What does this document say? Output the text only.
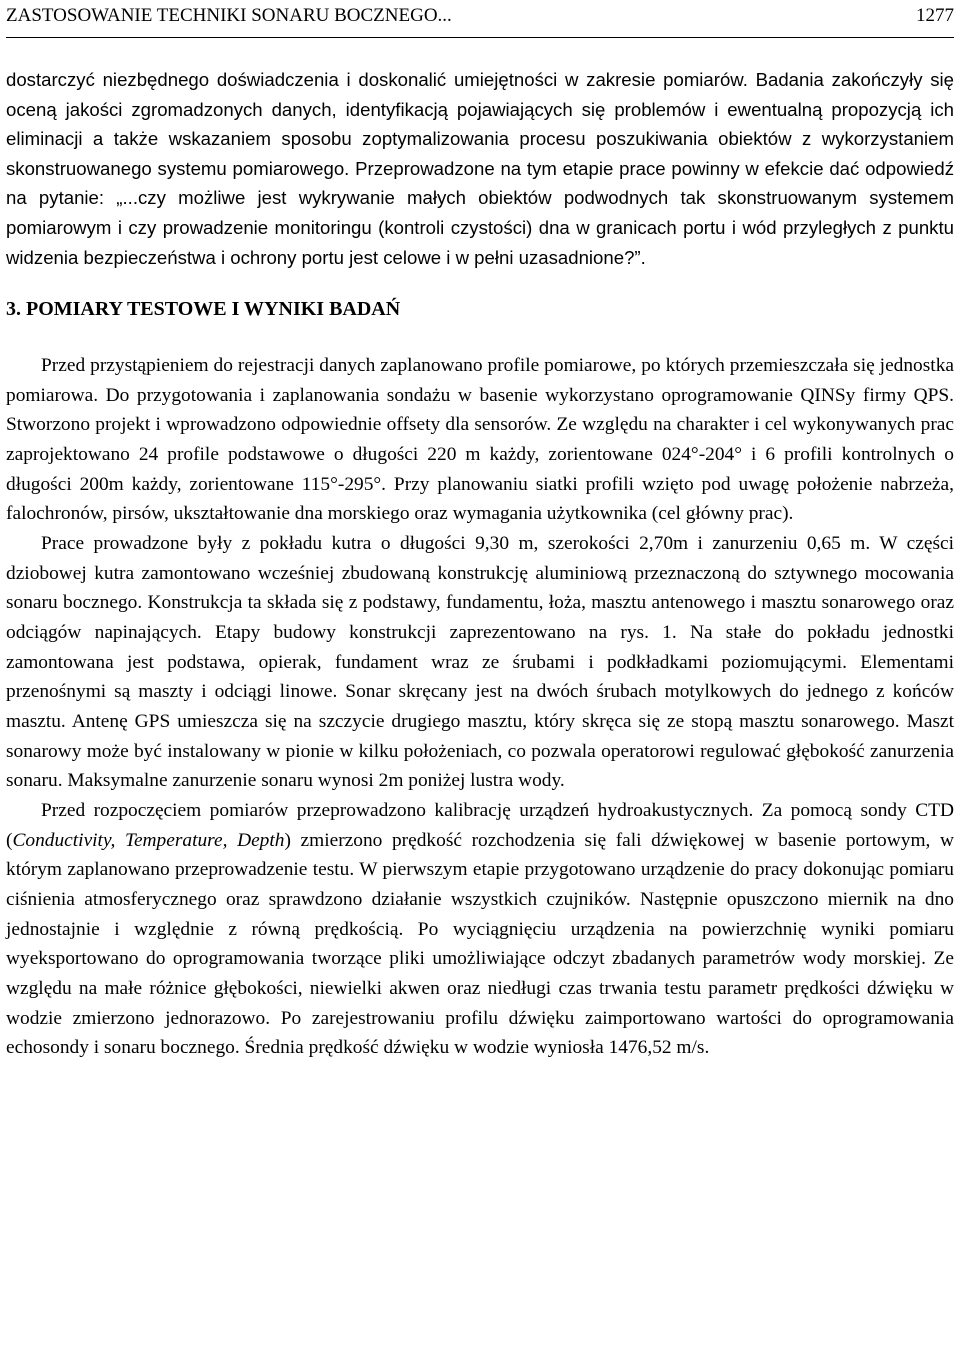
ZASTOSOWANIE TECHNIKI SONARU BOCZNEGO...	1277

dostarczyć niezbędnego doświadczenia i doskonalić umiejętności w zakresie pomiarów. Badania zakończyły się oceną jakości zgromadzonych danych, identyfikacją pojawiających się problemów i ewentualną propozycją ich eliminacji a także wskazaniem sposobu zoptymalizowania procesu poszukiwania obiektów z wykorzystaniem skonstruowanego systemu pomiarowego. Przeprowadzone na tym etapie prace powinny w efekcie dać odpowiedź na pytanie: „...czy możliwe jest wykrywanie małych obiektów podwodnych tak skonstruowanym systemem pomiarowym i czy prowadzenie monitoringu (kontroli czystości) dna w granicach portu i wód przyległych z punktu widzenia bezpieczeństwa i ochrony portu jest celowe i w pełni uzasadnione?”.

3. POMIARY TESTOWE I WYNIKI BADAŃ

Przed przystąpieniem do rejestracji danych zaplanowano profile pomiarowe, po których przemieszczała się jednostka pomiarowa. Do przygotowania i zaplanowania sondażu w basenie wykorzystano oprogramowanie QINSy firmy QPS. Stworzono projekt i wprowadzono odpowiednie offsety dla sensorów. Ze względu na charakter i cel wykonywanych prac zaprojektowano 24 profile podstawowe o długości 220 m każdy, zorientowane 024°-204° i 6 profili kontrolnych o długości 200m każdy, zorientowane 115°-295°. Przy planowaniu siatki profili wzięto pod uwagę położenie nabrzeża, falochronów, pirsów, ukształtowanie dna morskiego oraz wymagania użytkownika (cel główny prac).

Prace prowadzone były z pokładu kutra o długości 9,30 m, szerokości 2,70m i zanurzeniu 0,65 m. W części dziobowej kutra zamontowano wcześniej zbudowaną konstrukcję aluminiową przeznaczoną do sztywnego mocowania sonaru bocznego. Konstrukcja ta składa się z podstawy, fundamentu, łoża, masztu antenowego i masztu sonarowego oraz odciągów napinających. Etapy budowy konstrukcji zaprezentowano na rys. 1. Na stałe do pokładu jednostki zamontowana jest podstawa, opierak, fundament wraz ze śrubami i podkładkami poziomującymi. Elementami przenośnymi są maszty i odciągi linowe. Sonar skręcany jest na dwóch śrubach motylkowych do jednego z końców masztu. Antenę GPS umieszcza się na szczycie drugiego masztu, który skręca się ze stopą masztu sonarowego. Maszt sonarowy może być instalowany w pionie w kilku położeniach, co pozwala operatorowi regulować głębokość zanurzenia sonaru. Maksymalne zanurzenie sonaru wynosi 2m poniżej lustra wody.

Przed rozpoczęciem pomiarów przeprowadzono kalibrację urządzeń hydroakustycznych. Za pomocą sondy CTD (Conductivity, Temperature, Depth) zmierzono prędkość rozchodzenia się fali dźwiękowej w basenie portowym, w którym zaplanowano przeprowadzenie testu. W pierwszym etapie przygotowano urządzenie do pracy dokonując pomiaru ciśnienia atmosferycznego oraz sprawdzono działanie wszystkich czujników. Następnie opuszczono miernik na dno jednostajnie i względnie z równą prędkością. Po wyciągnięciu urządzenia na powierzchnię wyniki pomiaru wyeksportowano do oprogramowania tworzące pliki umożliwiające odczyt zbadanych parametrów wody morskiej. Ze względu na małe różnice głębokości, niewielki akwen oraz niedługi czas trwania testu parametr prędkości dźwięku w wodzie zmierzono jednorazowo. Po zarejestrowaniu profilu dźwięku zaimportowano wartości do oprogramowania echosondy i sonaru bocznego. Średnia prędkość dźwięku w wodzie wyniosła 1476,52 m/s.
